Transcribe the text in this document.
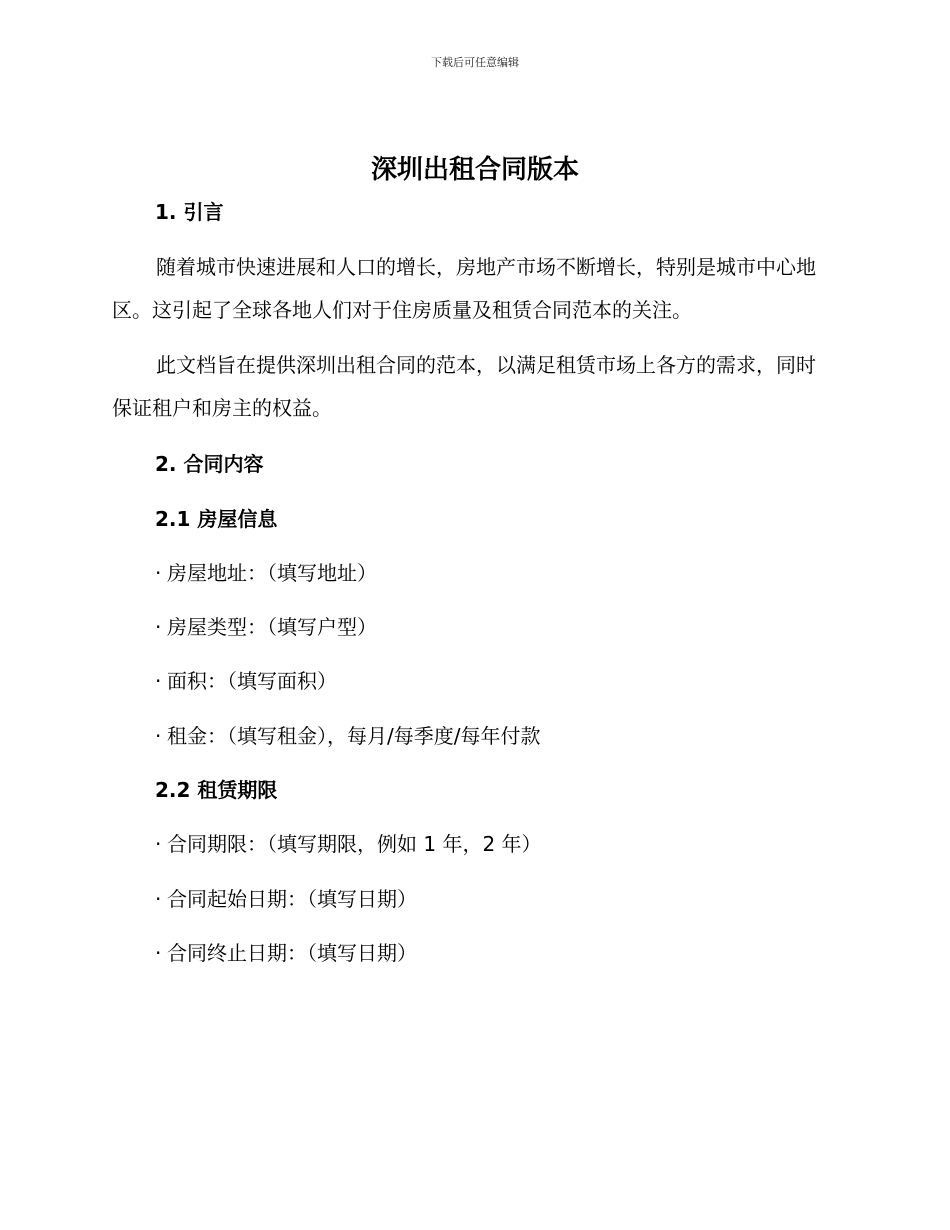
下载后可任意编辑
深圳出租合同版本
1. 引言

随着城市快速进展和人口的增长，房地产市场不断增长，特别是城市中心地区。这引起了全球各地人们对于住房质量及租赁合同范本的关注。

此文档旨在提供深圳出租合同的范本，以满足租赁市场上各方的需求，同时保证租户和房主的权益。

2. 合同内容
2.1 房屋信息

· 房屋地址：（填写地址）

· 房屋类型：（填写户型）

· 面积：（填写面积）

· 租金：（填写租金），每月/每季度/每年付款

2.2 租赁期限

· 合同期限：（填写期限，例如 1 年，2 年）

· 合同起始日期：（填写日期）

· 合同终止日期：（填写日期）
